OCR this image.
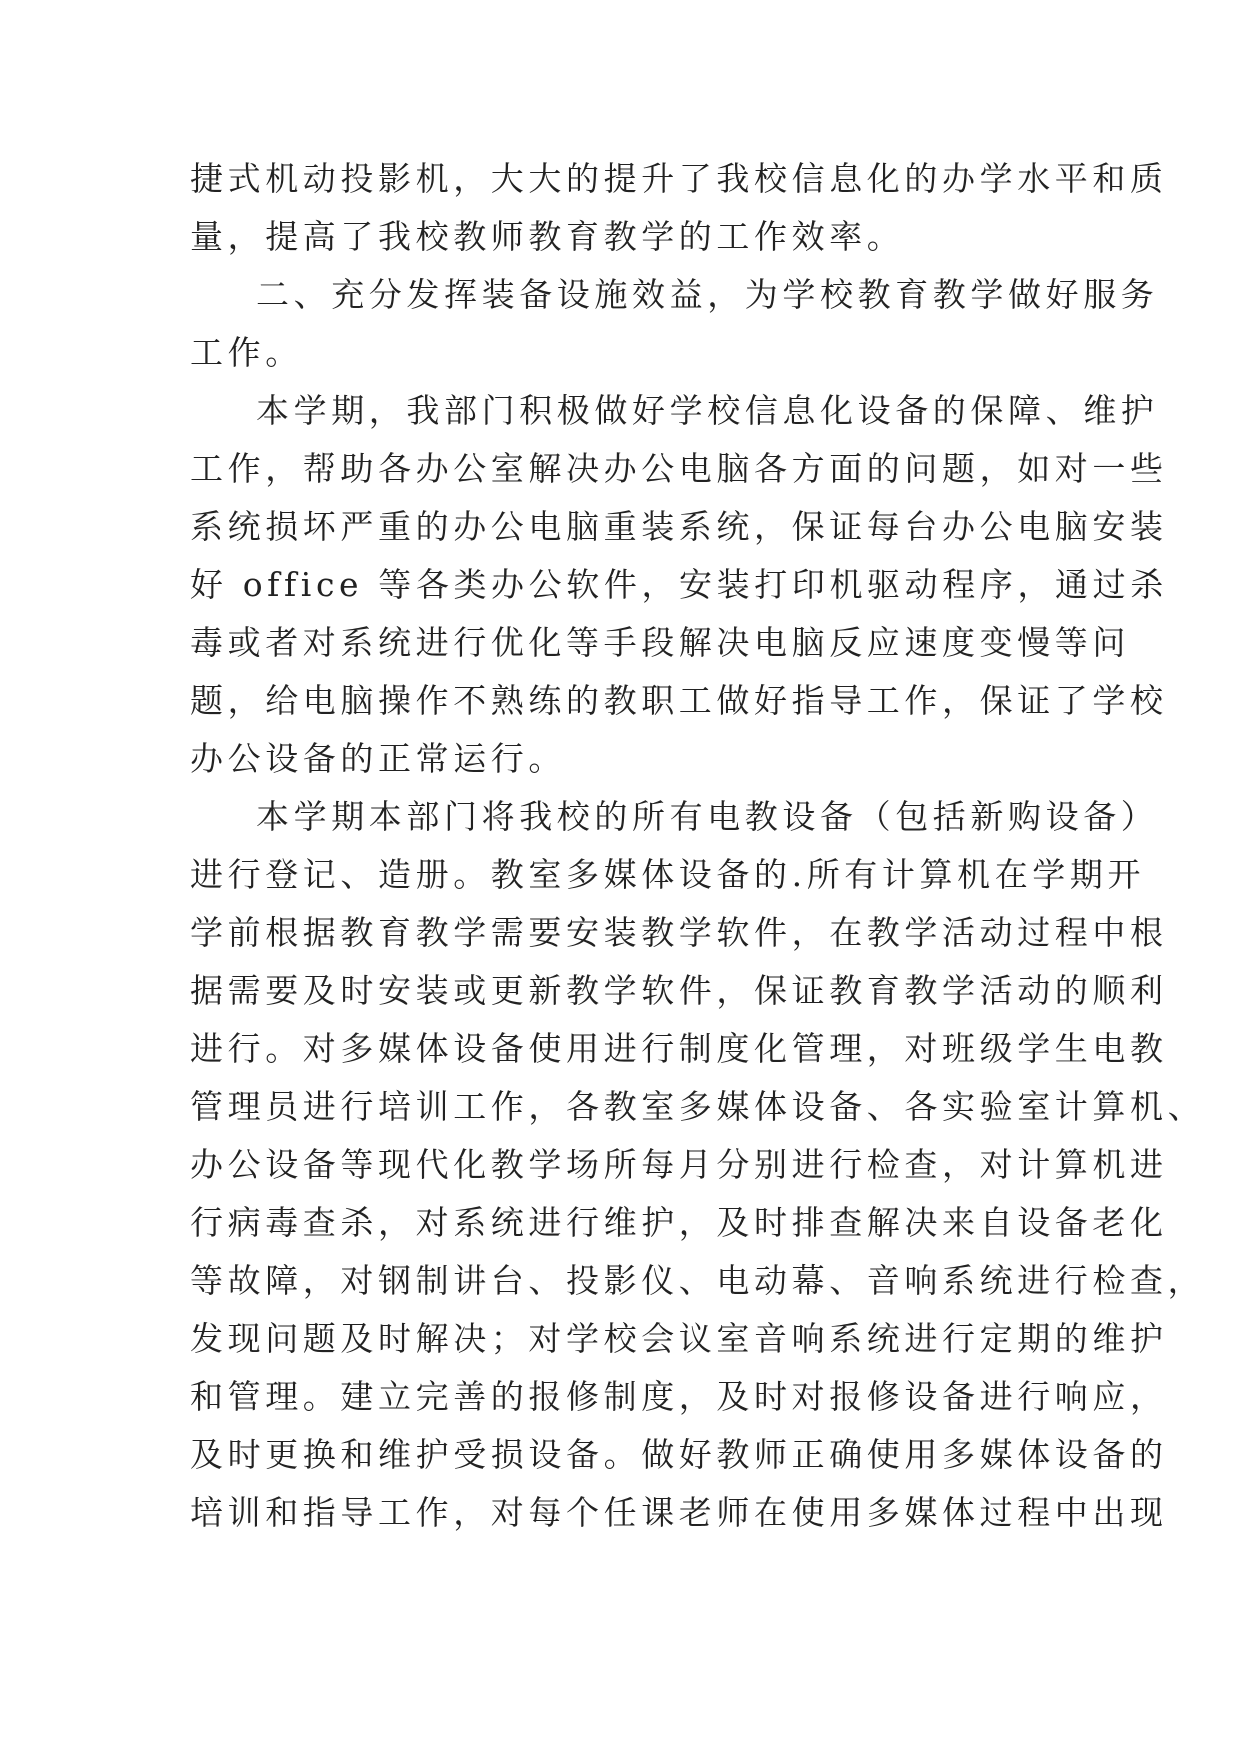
捷式机动投影机，大大的提升了我校信息化的办学水平和质
量，提高了我校教师教育教学的工作效率。
二、充分发挥装备设施效益，为学校教育教学做好服务
工作。
本学期，我部门积极做好学校信息化设备的保障、维护
工作，帮助各办公室解决办公电脑各方面的问题，如对一些
系统损坏严重的办公电脑重装系统，保证每台办公电脑安装
好 office 等各类办公软件，安装打印机驱动程序，通过杀
毒或者对系统进行优化等手段解决电脑反应速度变慢等问
题，给电脑操作不熟练的教职工做好指导工作，保证了学校
办公设备的正常运行。
本学期本部门将我校的所有电教设备（包括新购设备）
进行登记、造册。教室多媒体设备的.所有计算机在学期开
学前根据教育教学需要安装教学软件，在教学活动过程中根
据需要及时安装或更新教学软件，保证教育教学活动的顺利
进行。对多媒体设备使用进行制度化管理，对班级学生电教
管理员进行培训工作，各教室多媒体设备、各实验室计算机、
办公设备等现代化教学场所每月分别进行检查，对计算机进
行病毒查杀，对系统进行维护，及时排查解决来自设备老化
等故障，对钢制讲台、投影仪、电动幕、音响系统进行检查，
发现问题及时解决；对学校会议室音响系统进行定期的维护
和管理。建立完善的报修制度，及时对报修设备进行响应，
及时更换和维护受损设备。做好教师正确使用多媒体设备的
培训和指导工作，对每个任课老师在使用多媒体过程中出现
